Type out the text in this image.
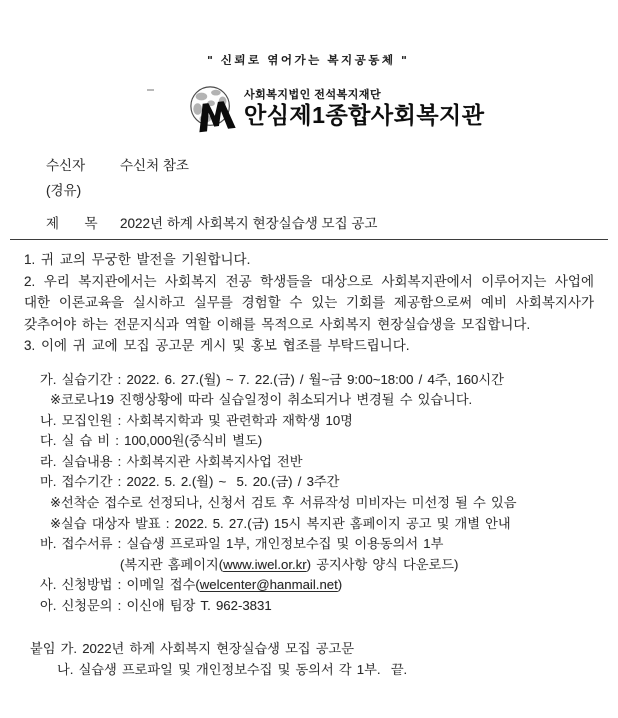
" 신뢰로 엮어가는 복지공동체 "
사회복지법인 전석복지재단
안심제1종합사회복지관
수신자	수신처 참조
(경유)
제  목	2022년 하계 사회복지 현장실습생 모집 공고

1. 귀 교의 무궁한 발전을 기원합니다.

2. 우리 복지관에서는 사회복지 전공 학생들을 대상으로 사회복지관에서 이루어지는 사업에 대한 이론교육을 실시하고 실무를 경험할 수 있는 기회를 제공함으로써 예비 사회복지사가 갖추어야 하는 전문지식과 역할 이해를 목적으로 사회복지 현장실습생을 모집합니다.

3. 이에 귀 교에 모집 공고문 게시 및 홍보 협조를 부탁드립니다.

가. 실습기간 : 2022. 6. 27.(월) ~ 7. 22.(금) / 월~금 9:00~18:00 / 4주, 160시간
※코로나19 진행상황에 따라 실습일정이 취소되거나 변경될 수 있습니다.
나. 모집인원 : 사회복지학과 및 관련학과 재학생 10명
다. 실 습 비 : 100,000원(중식비 별도)
라. 실습내용 : 사회복지관 사회복지사업 전반
마. 접수기간 : 2022. 5. 2.(월) ~  5. 20.(금) / 3주간
※선착순 접수로 선정되나, 신청서 검토 후 서류작성 미비자는 미선정 될 수 있음
※실습 대상자 발표 : 2022. 5. 27.(금) 15시 복지관 홈페이지 공고 및 개별 안내
바. 접수서류 : 실습생 프로파일 1부, 개인정보수집 및 이용동의서 1부
(복지관 홈페이지(www.iwel.or.kr) 공지사항 양식 다운로드)
사. 신청방법 : 이메일 접수(welcenter@hanmail.net)
아. 신청문의 : 이신애 팀장 T. 962-3831
붙임 가. 2022년 하계 사회복지 현장실습생 모집 공고문
나. 실습생 프로파일 및 개인정보수집 및 동의서 각 1부.  끝.
